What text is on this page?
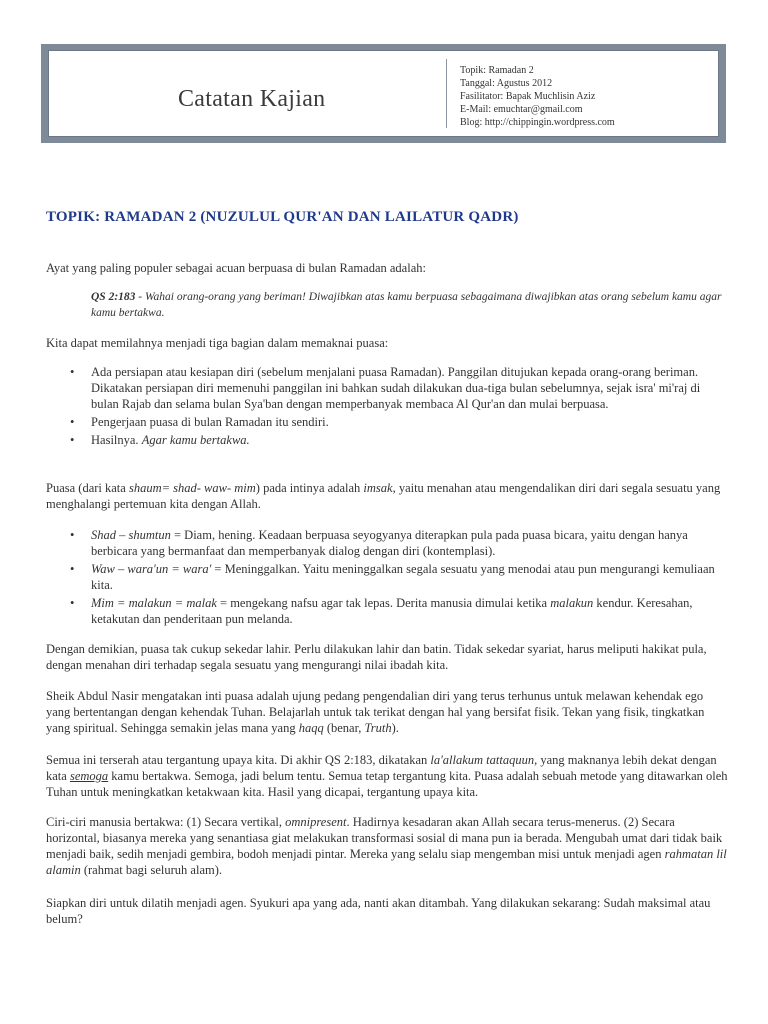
Catatan Kajian
Topik: Ramadan 2
Tanggal: Agustus 2012
Fasilitator: Bapak Muchlisin Aziz
E-Mail: emuchtar@gmail.com
Blog: http://chippingin.wordpress.com
TOPIK: RAMADAN 2 (NUZULUL QUR'AN DAN LAILATUR QADR)
Ayat yang paling populer sebagai acuan berpuasa di bulan Ramadan adalah:
QS 2:183 - Wahai orang-orang yang beriman! Diwajibkan atas kamu berpuasa sebagaimana diwajibkan atas orang sebelum kamu agar kamu bertakwa.
Kita dapat memilahnya menjadi tiga bagian dalam memaknai puasa:
• Ada persiapan atau kesiapan diri (sebelum menjalani puasa Ramadan). Panggilan ditujukan kepada orang-orang beriman. Dikatakan persiapan diri memenuhi panggilan ini bahkan sudah dilakukan dua-tiga bulan sebelumnya, sejak isra' mi'raj di bulan Rajab dan selama bulan Sya'ban dengan memperbanyak membaca Al Qur'an dan mulai berpuasa.
• Pengerjaan puasa di bulan Ramadan itu sendiri.
• Hasilnya. Agar kamu bertakwa.
Puasa (dari kata shaum= shad- waw- mim) pada intinya adalah imsak, yaitu menahan atau mengendalikan diri dari segala sesuatu yang menghalangi pertemuan kita dengan Allah.
• Shad – shumtun = Diam, hening. Keadaan berpuasa seyogyanya diterapkan pula pada puasa bicara, yaitu dengan hanya berbicara yang bermanfaat dan memperbanyak dialog dengan diri (kontemplasi).
• Waw – wara'un = wara' = Meninggalkan. Yaitu meninggalkan segala sesuatu yang menodai atau pun mengurangi kemuliaan kita.
• Mim = malakun = malak = mengekang nafsu agar tak lepas. Derita manusia dimulai ketika malakun kendur. Keresahan, ketakutan dan penderitaan pun melanda.
Dengan demikian, puasa tak cukup sekedar lahir. Perlu dilakukan lahir dan batin. Tidak sekedar syariat, harus meliputi hakikat pula, dengan menahan diri terhadap segala sesuatu yang mengurangi nilai ibadah kita.
Sheik Abdul Nasir mengatakan inti puasa adalah ujung pedang pengendalian diri yang terus terhunus untuk melawan kehendak ego yang bertentangan dengan kehendak Tuhan. Belajarlah untuk tak terikat dengan hal yang bersifat fisik. Tekan yang fisik, tingkatkan yang spiritual. Sehingga semakin jelas mana yang haqq (benar, Truth).
Semua ini terserah atau tergantung upaya kita. Di akhir QS 2:183, dikatakan la'allakum tattaquun, yang maknanya lebih dekat dengan kata semoga kamu bertakwa. Semoga, jadi belum tentu. Semua tetap tergantung kita. Puasa adalah sebuah metode yang ditawarkan oleh Tuhan untuk meningkatkan ketakwaan kita. Hasil yang dicapai, tergantung upaya kita.
Ciri-ciri manusia bertakwa: (1) Secara vertikal, omnipresent. Hadirnya kesadaran akan Allah secara terus-menerus. (2) Secara horizontal, biasanya mereka yang senantiasa giat melakukan transformasi sosial di mana pun ia berada. Mengubah umat dari tidak baik menjadi baik, sedih menjadi gembira, bodoh menjadi pintar. Mereka yang selalu siap mengemban misi untuk menjadi agen rahmatan lil alamin (rahmat bagi seluruh alam).
Siapkan diri untuk dilatih menjadi agen. Syukuri apa yang ada, nanti akan ditambah. Yang dilakukan sekarang: Sudah maksimal atau belum?
